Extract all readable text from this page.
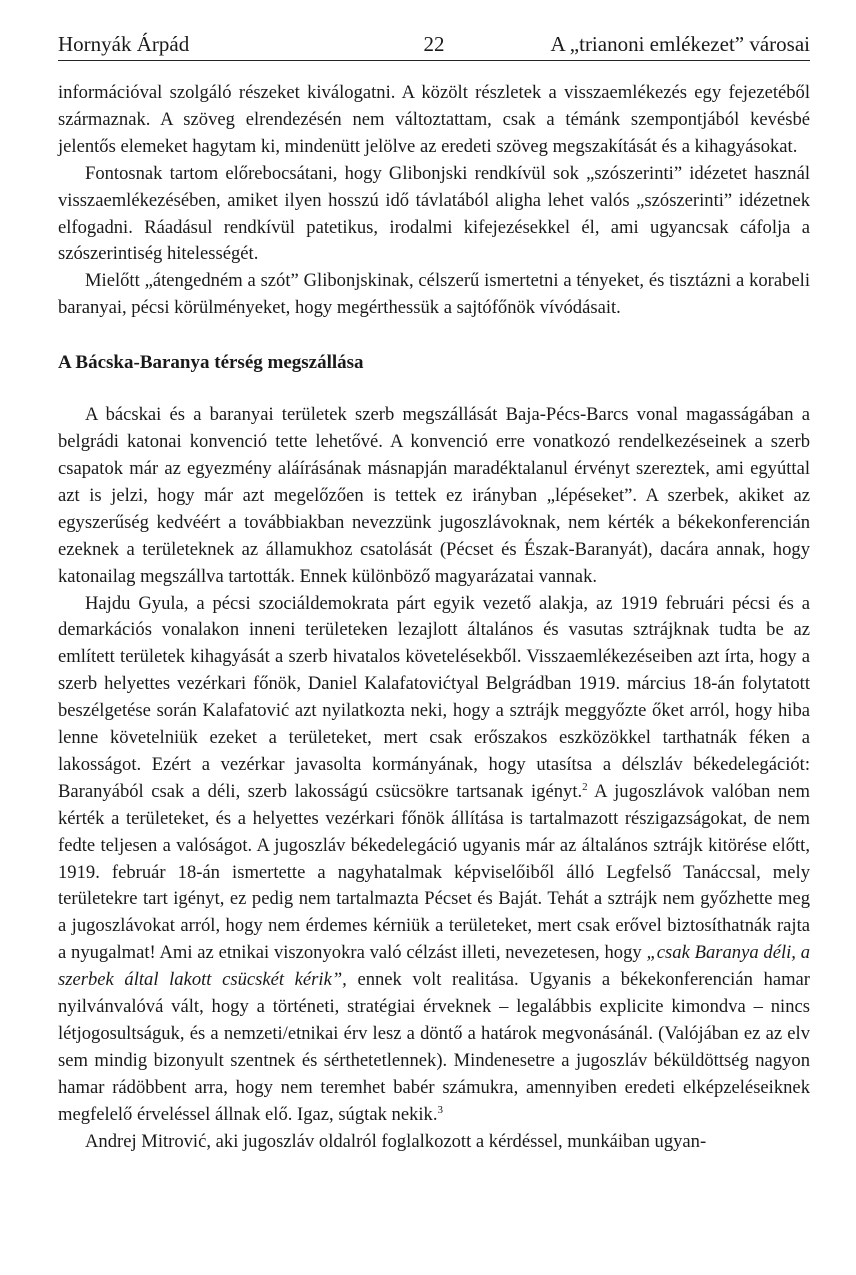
Hornyák Árpád	22	A „trianoni emlékezet” városai

információval szolgáló részeket kiválogatni. A közölt részletek a visszaemlékezés egy fejezetéből származnak. A szöveg elrendezésén nem változtattam, csak a témánk szempontjából kevésbé jelentős elemeket hagytam ki, mindenütt jelölve az eredeti szöveg megszakítását és a kihagyásokat.

Fontosnak tartom előrebocsátani, hogy Glibonjski rendkívül sok „szószerinti” idézetet használ visszaemlékezésében, amiket ilyen hosszú idő távlatából aligha lehet valós „szószerinti” idézetnek elfogadni. Ráadásul rendkívül patetikus, irodalmi kifejezésekkel él, ami ugyancsak cáfolja a szószerintiség hitelességét.

Mielőtt „átengedném a szót” Glibonjskinak, célszerű ismertetni a tényeket, és tisztázni a korabeli baranyai, pécsi körülményeket, hogy megérthessük a sajtófőnök vívódásait.

A Bácska-Baranya térség megszállása

A bácskai és a baranyai területek szerb megszállását Baja-Pécs-Barcs vonal magasságában a belgrádi katonai konvenció tette lehetővé. A konvenció erre vonatkozó rendelkezéseinek a szerb csapatok már az egyezmény aláírásának másnapján maradéktalanul érvényt szereztek, ami egyúttal azt is jelzi, hogy már azt megelőzően is tettek ez irányban „lépéseket”. A szerbek, akiket az egyszerűség kedvéért a továbbiakban nevezzünk jugoszlávoknak, nem kérték a békekonferencián ezeknek a területeknek az államukhoz csatolását (Pécset és Észak-Baranyát), dacára annak, hogy katonailag megszállva tartották. Ennek különböző magyarázatai vannak.

Hajdu Gyula, a pécsi szociáldemokrata párt egyik vezető alakja, az 1919 februári pécsi és a demarkációs vonalakon inneni területeken lezajlott általános és vasutas sztrájknak tudta be az említett területek kihagyását a szerb hivatalos követelésekből. Visszaemlékezéseiben azt írta, hogy a szerb helyettes vezérkari főnök, Daniel Kalafatovićtyal Belgrádban 1919. március 18-án folytatott beszélgetése során Kalafatović azt nyilatkozta neki, hogy a sztrájk meggyőzte őket arról, hogy hiba lenne követelniük ezeket a területeket, mert csak erőszakos eszközökkel tarthatnák féken a lakosságot. Ezért a vezérkar javasolta kormányának, hogy utasítsa a délszláv békedelegációt: Baranyából csak a déli, szerb lakosságú csücsökre tartsanak igényt.$^2$ A jugoszlávok valóban nem kérték a területeket, és a helyettes vezérkari főnök állítása is tartalmazott részigazságokat, de nem fedte teljesen a valóságot. A jugoszláv békedelegáció ugyanis már az általános sztrájk kitörése előtt, 1919. február 18-án ismertette a nagyhatalmak képviselőiből álló Legfelső Tanáccsal, mely területekre tart igényt, ez pedig nem tartalmazta Pécset és Baját. Tehát a sztrájk nem győzhette meg a jugoszlávokat arról, hogy nem érdemes kérniük a területeket, mert csak erővel biztosíthatnák rajta a nyugalmat! Ami az etnikai viszonyokra való célzást illeti, nevezetesen, hogy „csak Baranya déli, a szerbek által lakott csücskét kérik”, ennek volt realitása. Ugyanis a békekonferencián hamar nyilvánvalóvá vált, hogy a történeti, stratégiai érveknek – legalábbis explicite kimondva – nincs létjogosultságuk, és a nemzeti/etnikai érv lesz a döntő a határok megvonásánál. (Valójában ez az elv sem mindig bizonyult szentnek és sérthetetlennek). Mindenesetre a jugoszláv béküldöttség nagyon hamar rádöbbent arra, hogy nem teremhet babér számukra, amennyiben eredeti elképzeléseiknek megfelelő érveléssel állnak elő. Igaz, súgtak nekik.$^3$

Andrej Mitrović, aki jugoszláv oldalról foglalkozott a kérdéssel, munkáiban ugyan-
